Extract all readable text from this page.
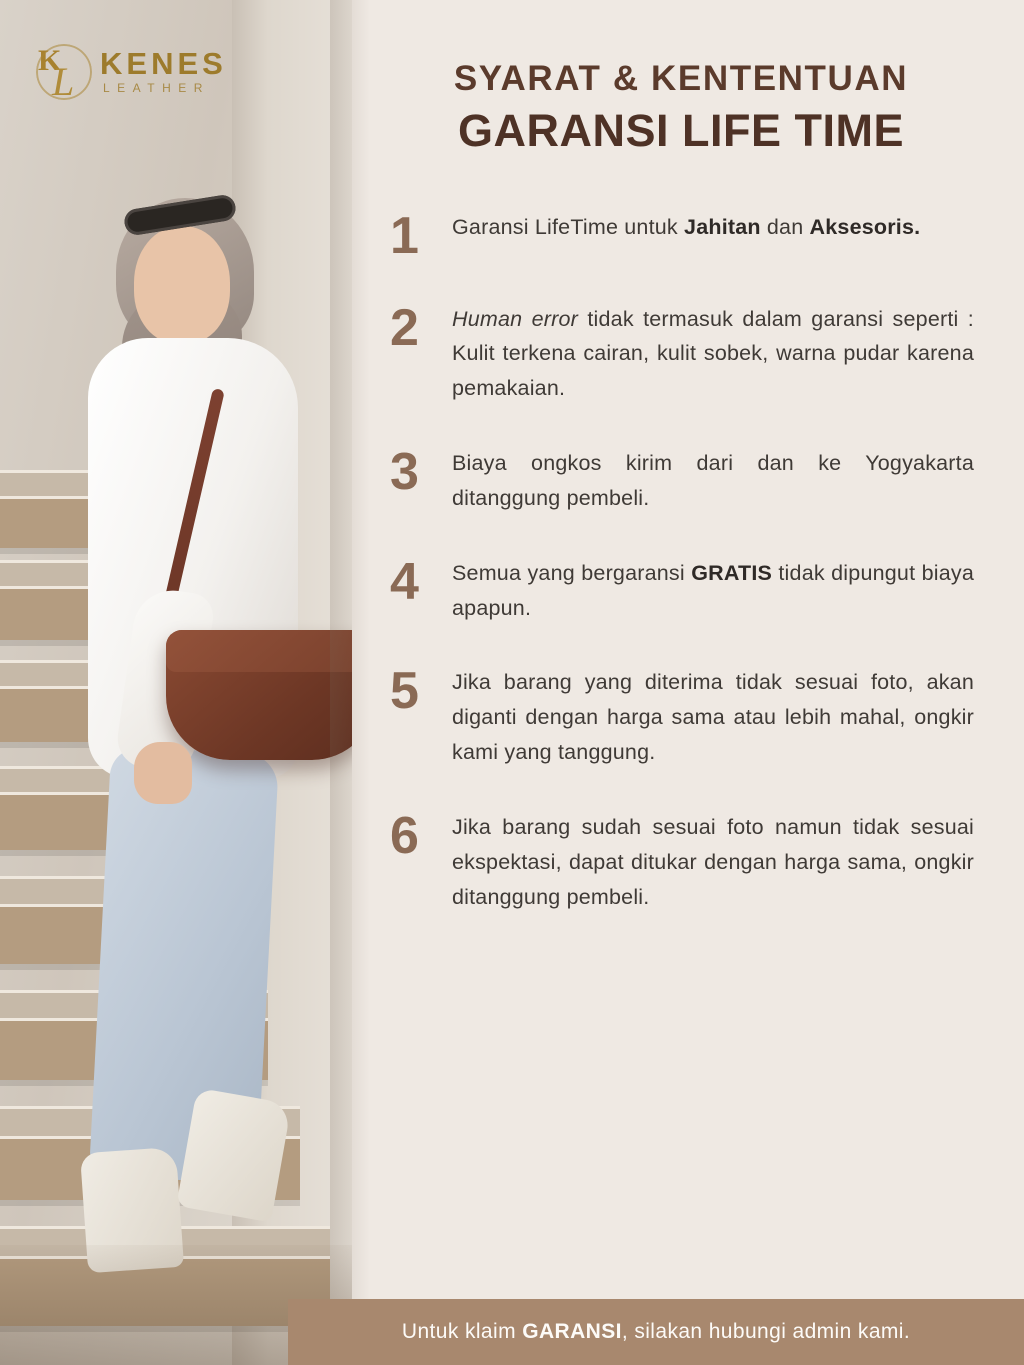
K
L KENES
LEATHER	SYARAT & KENTENTUAN
GARANSI LIFE TIME
1	Garansi LifeTime untuk Jahitan dan Aksesoris.
2	Human error tidak termasuk dalam garansi seperti : Kulit terkena cairan, kulit sobek, warna pudar karena pemakaian.
3	Biaya ongkos kirim dari dan ke Yogyakarta ditanggung pembeli.
4	Semua yang bergaransi GRATIS tidak dipungut biaya apapun.
5	Jika barang yang diterima tidak sesuai foto, akan diganti dengan harga sama atau lebih mahal, ongkir kami yang tanggung.
6	Jika barang sudah sesuai foto namun tidak sesuai ekspektasi, dapat ditukar dengan harga sama, ongkir ditanggung pembeli.
Untuk klaim GARANSI, silakan hubungi admin kami.
